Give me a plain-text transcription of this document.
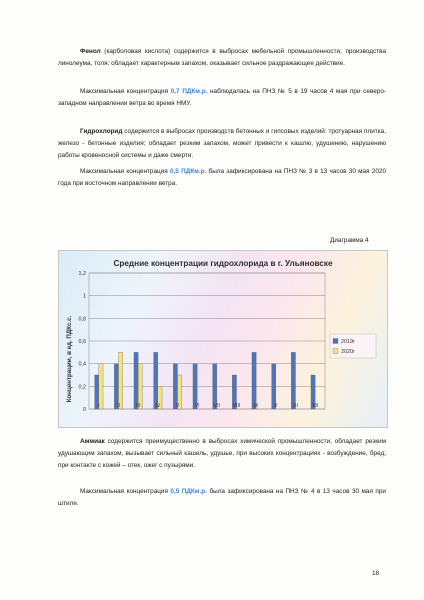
Фенол (карболовая кислота) содержится в выбросах мебельной промышленности, производства линолеума, толя; обладает характерным запахом, оказывает сильное раздражающее действие.

Максимальная концентрация 0,7 ПДКм.р. наблюдалась на ПНЗ № 5 в 19 часов 4 мая при северо-западном направлении ветра во время НМУ.

Гидрохлорид содержится в выбросах производств бетонных и гипсовых изделий: тротуарная плитка, железо - бетонные изделия; обладает резким запахом, может привести к кашлю, удушению, нарушению работы кровеносной системы и даже смерти.

Максимальная концентрация 0,5 ПДКм.р. была зафиксирована на ПНЗ № 3 в 13 часов 30 мая 2020 года при восточном направлении ветра.

Диаграмма 4
Средние концентрации гидрохлорида в г. Ульяновске
Концентрации, в ед. ПДКс.с.
I	II	III	IV	V	VI	VII	VIII	IX	X	XI	XII
0
0,2
0,4
0,6
0,8
1
1,2
2019г
2020г

Аммиак содержится преимущественно в выбросах химической промышленности, обладает резким удушающим запахом, вызывает сильный кашель, удушье, при высоких концентрациях - возбуждение, бред; при контакте с кожей – отек, ожег с пузырями.

Максимальная концентрация 0,5 ПДКм.р. была зафиксирована на ПНЗ № 4 в 13 часов 30 мая при штиле.

18
